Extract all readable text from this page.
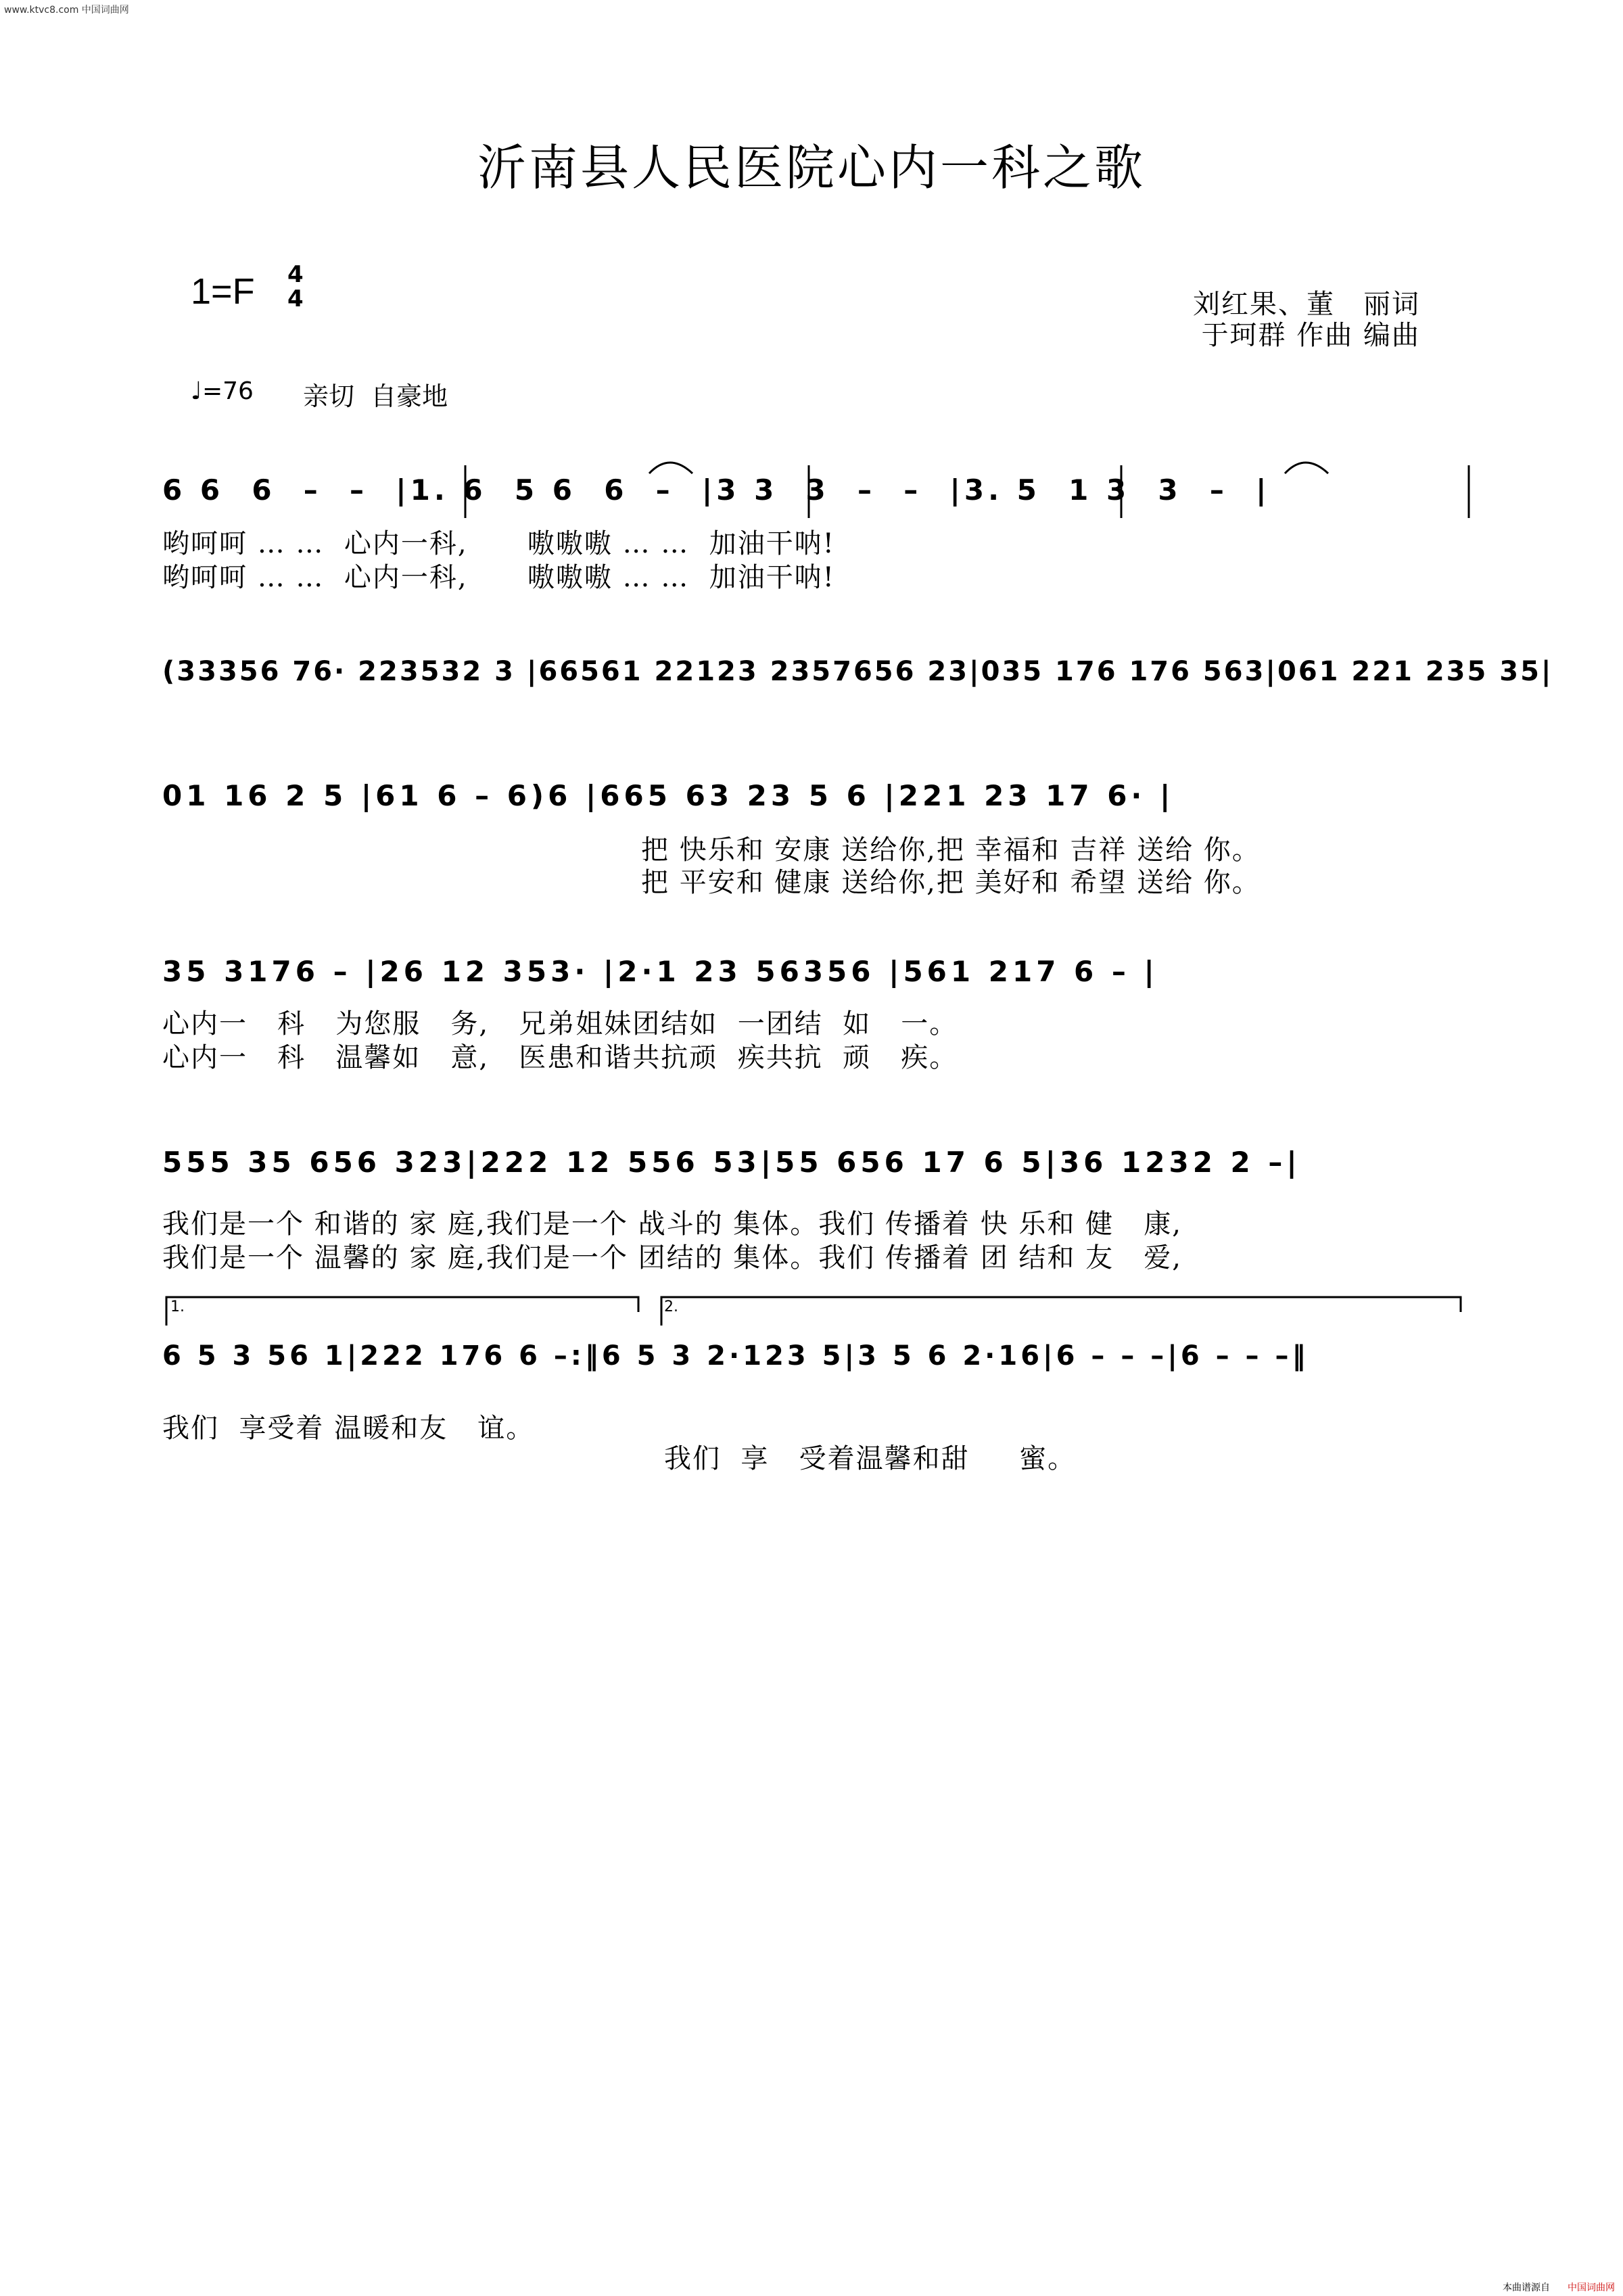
www.ktvc8.com 中国词曲网
沂南县人民医院心内一科之歌
1=F 4
4	刘红果、董　丽词
于珂群 作曲 编曲
♩=76 亲切  自豪地
6 6  6  –  –  |1. 6  5 6  6  –  |3 3  3  –  –  |3. 5  1 3  3  –  |
哟呵呵 … …  心内一科,      嗷嗷嗷 … …  加油干呐!
哟呵呵 … …  心内一科,      嗷嗷嗷 … …  加油干呐!
(33356 76· 223532 3 |66561 22123 2357656 23|035 176 176 563|061 221 235 35|
01 16 2 5 |61 6 – 6)6 |665 63 23 5 6 |221 23 17 6· |
把 快乐和 安康 送给你,把 幸福和 吉祥 送给 你。
把 平安和 健康 送给你,把 美好和 希望 送给 你。
35 3176 – |26 12 353· |2·1 23 56356 |561 217 6 – |
心内一   科   为您服   务,   兄弟姐妹团结如  一团结  如   一。
心内一   科   温馨如   意,   医患和谐共抗顽  疾共抗  顽   疾。
555 35 656 323|222 12 556 53|55 656 17 6 5|36 1232 2 –|
我们是一个 和谐的 家 庭,我们是一个 战斗的 集体。我们 传播着 快 乐和 健   康,
我们是一个 温馨的 家 庭,我们是一个 团结的 集体。我们 传播着 团 结和 友   爱,
1.	2.
6 5 3 56 1|222 176 6 –:‖6 5 3 2·123 5|3 5 6 2·16|6 – – –|6 – – –‖
我们  享受着 温暖和友   谊。
我们  享   受着温馨和甜     蜜。
本曲谱源自 中国词曲网
